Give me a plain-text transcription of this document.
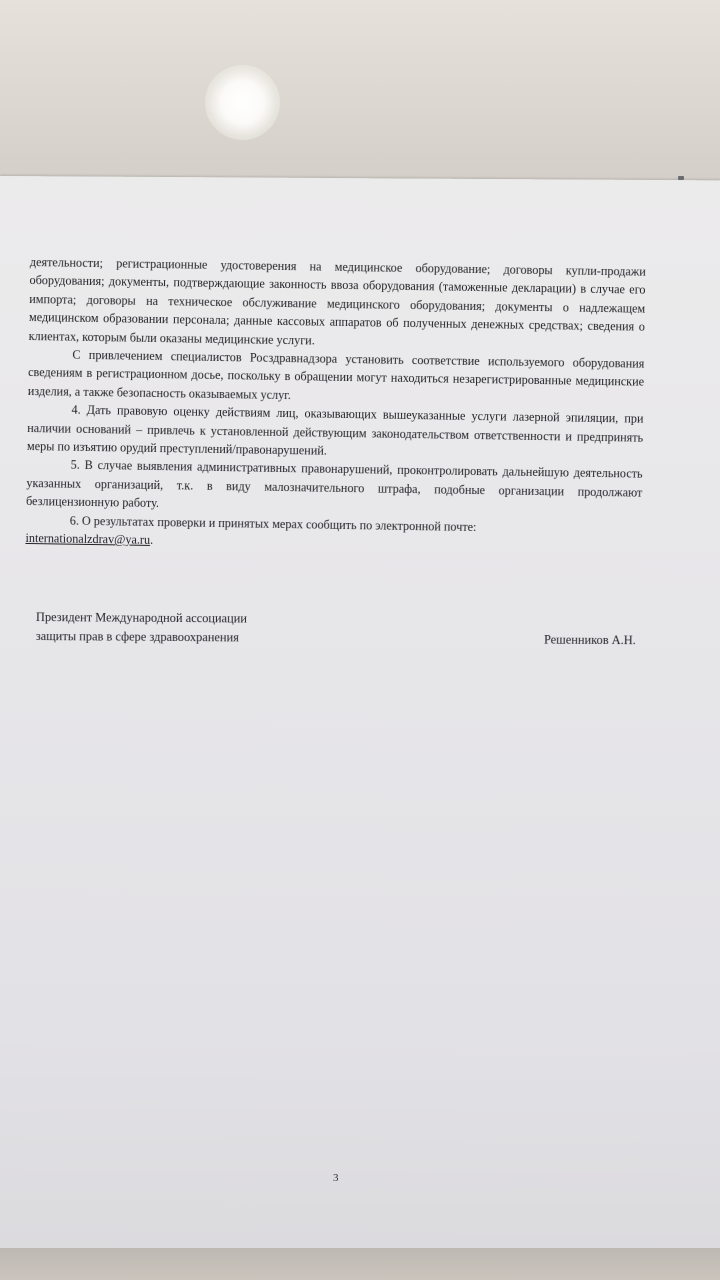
деятельности; регистрационные удостоверения на медицинское оборудование; договоры купли-продажи оборудования; документы, подтверждающие законность ввоза оборудования (таможенные декларации) в случае его импорта; договоры на техническое обслуживание медицинского оборудования; документы о надлежащем медицинском образовании персонала; данные кассовых аппаратов об полученных денежных средствах; сведения о клиентах, которым были оказаны медицинские услуги.

С привлечением специалистов Росздравнадзора установить соответствие используемого оборудования сведениям в регистрационном досье, поскольку в обращении могут находиться незарегистрированные медицинские изделия, а также безопасность оказываемых услуг.

4. Дать правовую оценку действиям лиц, оказывающих вышеуказанные услуги лазерной эпиляции, при наличии оснований – привлечь к установленной действующим законодательством ответственности и предпринять меры по изъятию орудий преступлений/правонарушений.

5. В случае выявления административных правонарушений, проконтролировать дальнейшую деятельность указанных организаций, т.к. в виду малозначительного штрафа, подобные организации продолжают безлицензионную работу.

6. О результатах проверки и принятых мерах сообщить по электронной почте:
internationalzdrav@ya.ru.

Президент Международной ассоциации
защиты прав в сфере здравоохранения	Решенников А.Н.
3
